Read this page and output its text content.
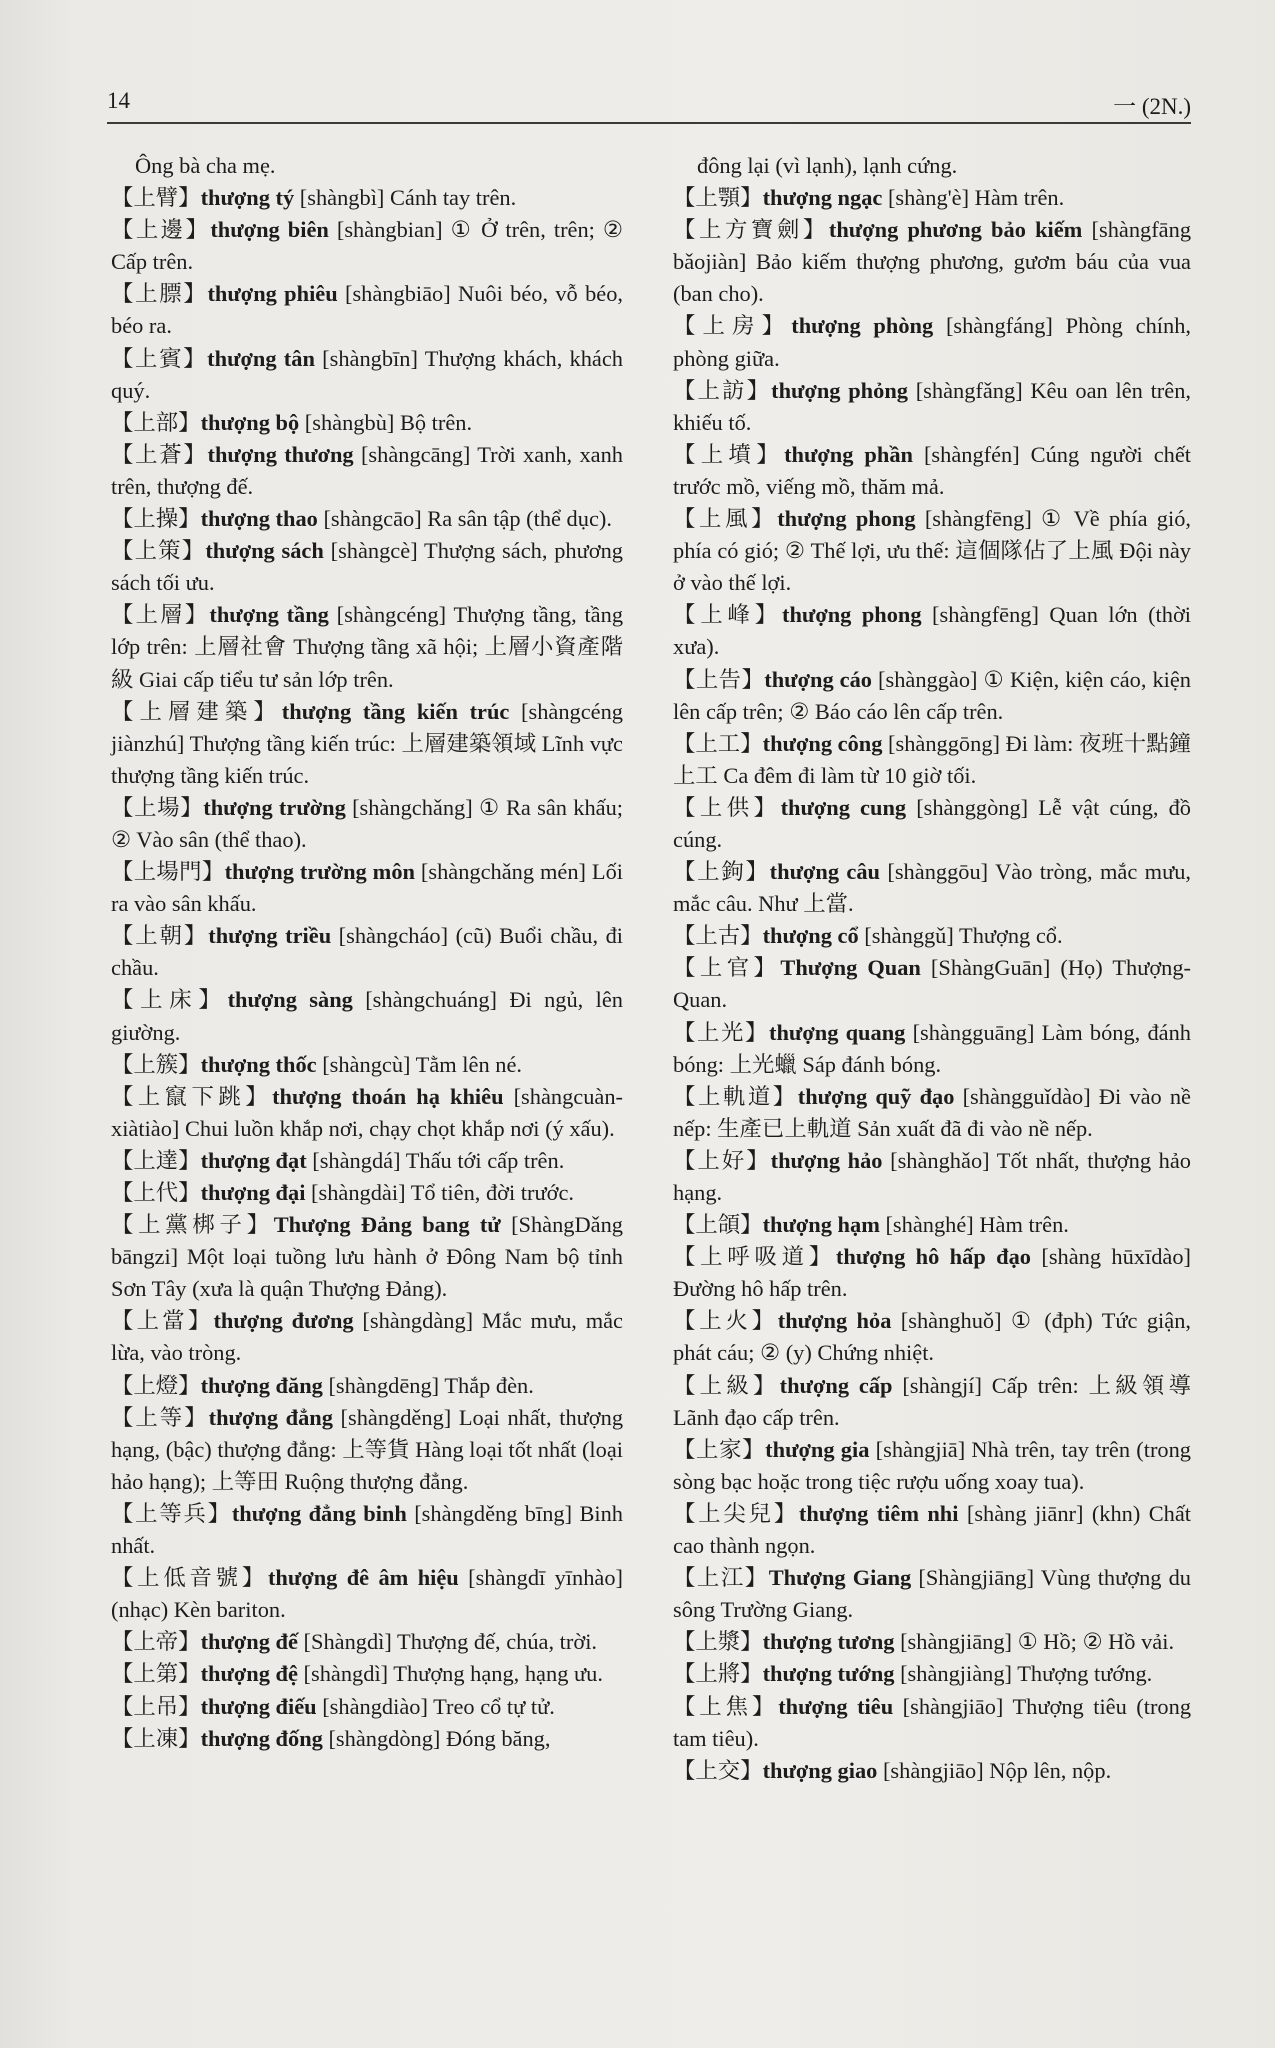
14	一 (2N.)

Ông bà cha mẹ.

【上臂】thượng tý [shàngbì] Cánh tay trên.

【上邊】thượng biên [shàngbian] ① Ở trên, trên; ② Cấp trên.

【上膘】thượng phiêu [shàngbiāo] Nuôi béo, vỗ béo, béo ra.

【上賓】thượng tân [shàngbīn] Thượng khách, khách quý.

【上部】thượng bộ [shàngbù] Bộ trên.

【上蒼】thượng thương [shàngcāng] Trời xanh, xanh trên, thượng đế.

【上操】thượng thao [shàngcāo] Ra sân tập (thể dục).

【上策】thượng sách [shàngcè] Thượng sách, phương sách tối ưu.

【上層】thượng tầng [shàngcéng] Thượng tầng, tầng lớp trên: 上層社會 Thượng tầng xã hội; 上層小資產階級 Giai cấp tiểu tư sản lớp trên.

【上層建築】thượng tầng kiến trúc [shàngcéng jiànzhú] Thượng tầng kiến trúc: 上層建築領域 Lĩnh vực thượng tầng kiến trúc.

【上場】thượng trường [shàngchǎng] ① Ra sân khấu; ② Vào sân (thể thao).

【上場門】thượng trường môn [shàngchǎng mén] Lối ra vào sân khấu.

【上朝】thượng triều [shàngcháo] (cũ) Buổi chầu, đi chầu.

【上床】thượng sàng [shàngchuáng] Đi ngủ, lên giường.

【上簇】thượng thốc [shàngcù] Tằm lên né.

【上竄下跳】thượng thoán hạ khiêu [shàngcuàn-xiàtiào] Chui luồn khắp nơi, chạy chọt khắp nơi (ý xấu).

【上達】thượng đạt [shàngdá] Thấu tới cấp trên.

【上代】thượng đại [shàngdài] Tổ tiên, đời trước.

【上黨梆子】Thượng Đảng bang tử [ShàngDǎng bāngzi] Một loại tuồng lưu hành ở Đông Nam bộ tỉnh Sơn Tây (xưa là quận Thượng Đảng).

【上當】thượng đương [shàngdàng] Mắc mưu, mắc lừa, vào tròng.

【上燈】thượng đăng [shàngdēng] Thắp đèn.

【上等】thượng đẳng [shàngděng] Loại nhất, thượng hạng, (bậc) thượng đẳng: 上等貨 Hàng loại tốt nhất (loại hảo hạng); 上等田 Ruộng thượng đẳng.

【上等兵】thượng đẳng binh [shàngděng bīng] Binh nhất.

【上低音號】thượng đê âm hiệu [shàngdī yīnhào] (nhạc) Kèn bariton.

【上帝】thượng đế [Shàngdì] Thượng đế, chúa, trời.

【上第】thượng đệ [shàngdì] Thượng hạng, hạng ưu.

【上吊】thượng điếu [shàngdiào] Treo cổ tự tử.

【上凍】thượng đống [shàngdòng] Đóng băng,

đông lại (vì lạnh), lạnh cứng.

【上顎】thượng ngạc [shàng'è] Hàm trên.

【上方寶劍】thượng phương bảo kiếm [shàngfāng bǎojiàn] Bảo kiếm thượng phương, gươm báu của vua (ban cho).

【上房】thượng phòng [shàngfáng] Phòng chính, phòng giữa.

【上訪】thượng phỏng [shàngfǎng] Kêu oan lên trên, khiếu tố.

【上墳】thượng phần [shàngfén] Cúng người chết trước mồ, viếng mồ, thăm mả.

【上風】thượng phong [shàngfēng] ① Về phía gió, phía có gió; ② Thế lợi, ưu thế: 這個隊佔了上風 Đội này ở vào thế lợi.

【上峰】thượng phong [shàngfēng] Quan lớn (thời xưa).

【上告】thượng cáo [shànggào] ① Kiện, kiện cáo, kiện lên cấp trên; ② Báo cáo lên cấp trên.

【上工】thượng công [shànggōng] Đi làm: 夜班十點鐘上工 Ca đêm đi làm từ 10 giờ tối.

【上供】thượng cung [shànggòng] Lễ vật cúng, đồ cúng.

【上鉤】thượng câu [shànggōu] Vào tròng, mắc mưu, mắc câu. Như 上當.

【上古】thượng cổ [shànggǔ] Thượng cổ.

【上官】Thượng Quan [ShàngGuān] (Họ) Thượng-Quan.

【上光】thượng quang [shàngguāng] Làm bóng, đánh bóng: 上光蠟 Sáp đánh bóng.

【上軌道】thượng quỹ đạo [shàngguǐdào] Đi vào nề nếp: 生產已上軌道 Sản xuất đã đi vào nề nếp.

【上好】thượng hảo [shànghǎo] Tốt nhất, thượng hảo hạng.

【上頜】thượng hạm [shànghé] Hàm trên.

【上呼吸道】thượng hô hấp đạo [shàng hūxīdào] Đường hô hấp trên.

【上火】thượng hỏa [shànghuǒ] ① (đph) Tức giận, phát cáu; ② (y) Chứng nhiệt.

【上級】thượng cấp [shàngjí] Cấp trên: 上級領導 Lãnh đạo cấp trên.

【上家】thượng gia [shàngjiā] Nhà trên, tay trên (trong sòng bạc hoặc trong tiệc rượu uống xoay tua).

【上尖兒】thượng tiêm nhi [shàng jiānr] (khn) Chất cao thành ngọn.

【上江】Thượng Giang [Shàngjiāng] Vùng thượng du sông Trường Giang.

【上漿】thượng tương [shàngjiāng] ① Hồ; ② Hồ vải.

【上將】thượng tướng [shàngjiàng] Thượng tướng.

【上焦】thượng tiêu [shàngjiāo] Thượng tiêu (trong tam tiêu).

【上交】thượng giao [shàngjiāo] Nộp lên, nộp.
